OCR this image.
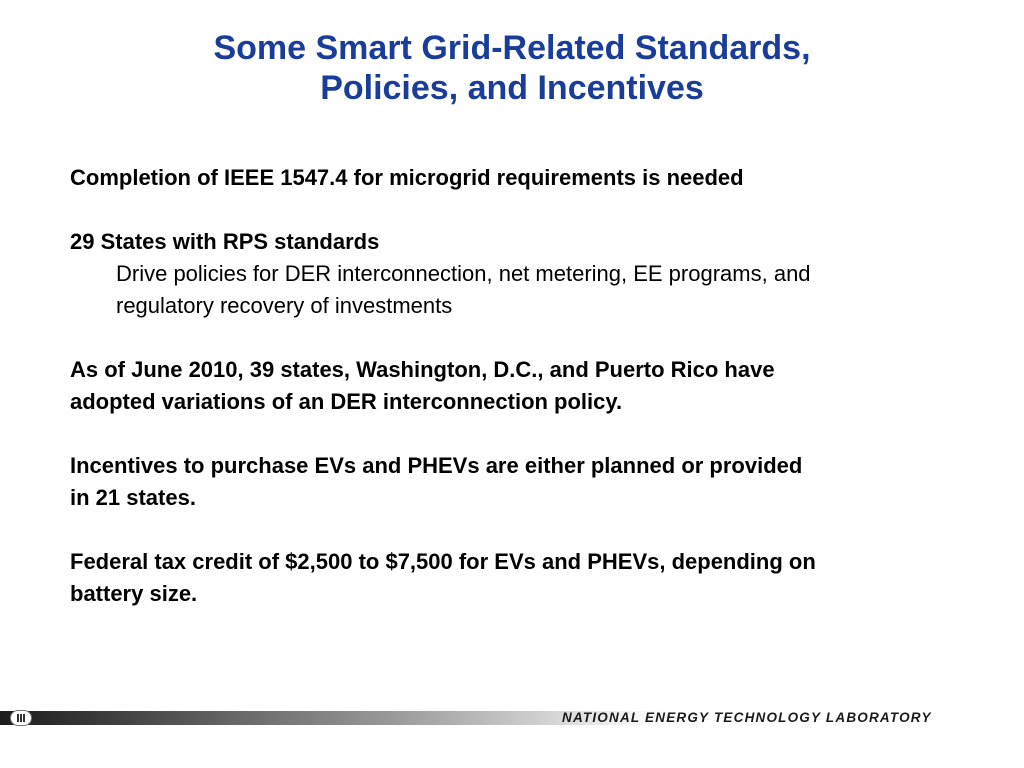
Some Smart Grid-Related Standards,
Policies, and Incentives

Completion of IEEE 1547.4 for microgrid requirements is needed

29 States with RPS standards

Drive policies for DER interconnection, net metering, EE programs, and

regulatory recovery of investments

As of June 2010, 39 states, Washington, D.C., and Puerto Rico have

adopted variations of an DER interconnection policy.

Incentives to purchase EVs and PHEVs are either planned or provided

in 21 states.

Federal tax credit of $2,500 to $7,500 for EVs and PHEVs, depending on

battery size.

NATIONAL ENERGY TECHNOLOGY LABORATORY
